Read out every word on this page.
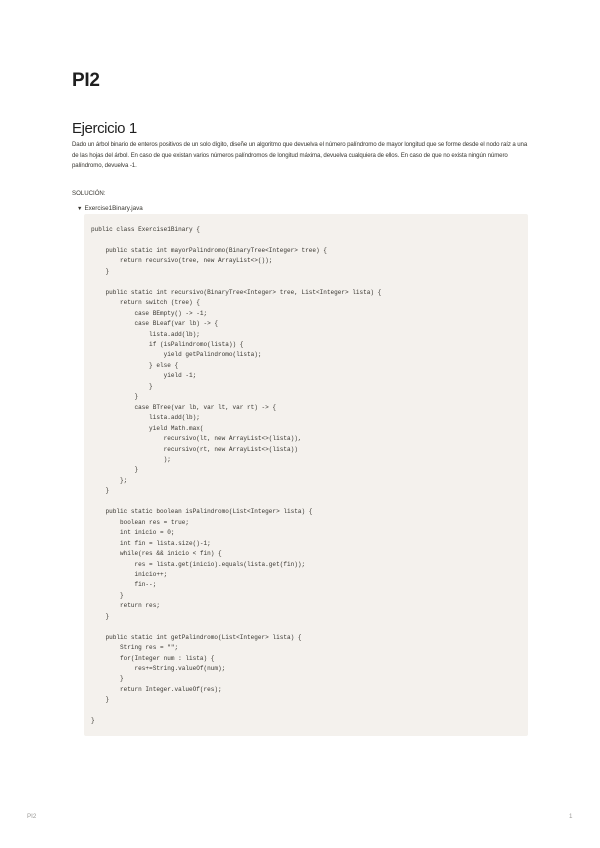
PI2
Ejercicio 1

Dado un árbol binario de enteros positivos de un solo dígito, diseñe un algoritmo que devuelva el número palíndromo de mayor longitud que se forme desde el nodo raíz a una de las hojas del árbol. En caso de que existan varios números palíndromos de longitud máxima, devuelva cualquiera de ellos. En caso de que no exista ningún número palíndromo, devuelva -1.

SOLUCIÓN:

▼ Exercise1Binary.java
public class Exercise1Binary {

public static int mayorPalindromo(BinaryTree<Integer> tree) {
return recursivo(tree, new ArrayList<>());
}

public static int recursivo(BinaryTree<Integer> tree, List<Integer> lista) {
return switch (tree) {
case BEmpty() -> -1;
case BLeaf(var lb) -> {
lista.add(lb);
if (isPalindromo(lista)) {
yield getPalindromo(lista);
} else {
yield -1;
}
}
case BTree(var lb, var lt, var rt) -> {
lista.add(lb);
yield Math.max(
recursivo(lt, new ArrayList<>(lista)),
recursivo(rt, new ArrayList<>(lista))
);
}
};
}

public static boolean isPalindromo(List<Integer> lista) {
boolean res = true;
int inicio = 0;
int fin = lista.size()-1;
while(res && inicio < fin) {
res = lista.get(inicio).equals(lista.get(fin));
inicio++;
fin--;
}
return res;
}

public static int getPalindromo(List<Integer> lista) {
String res = "";
for(Integer num : lista) {
res+=String.valueOf(num);
}
return Integer.valueOf(res);
}

}
PI2	1
